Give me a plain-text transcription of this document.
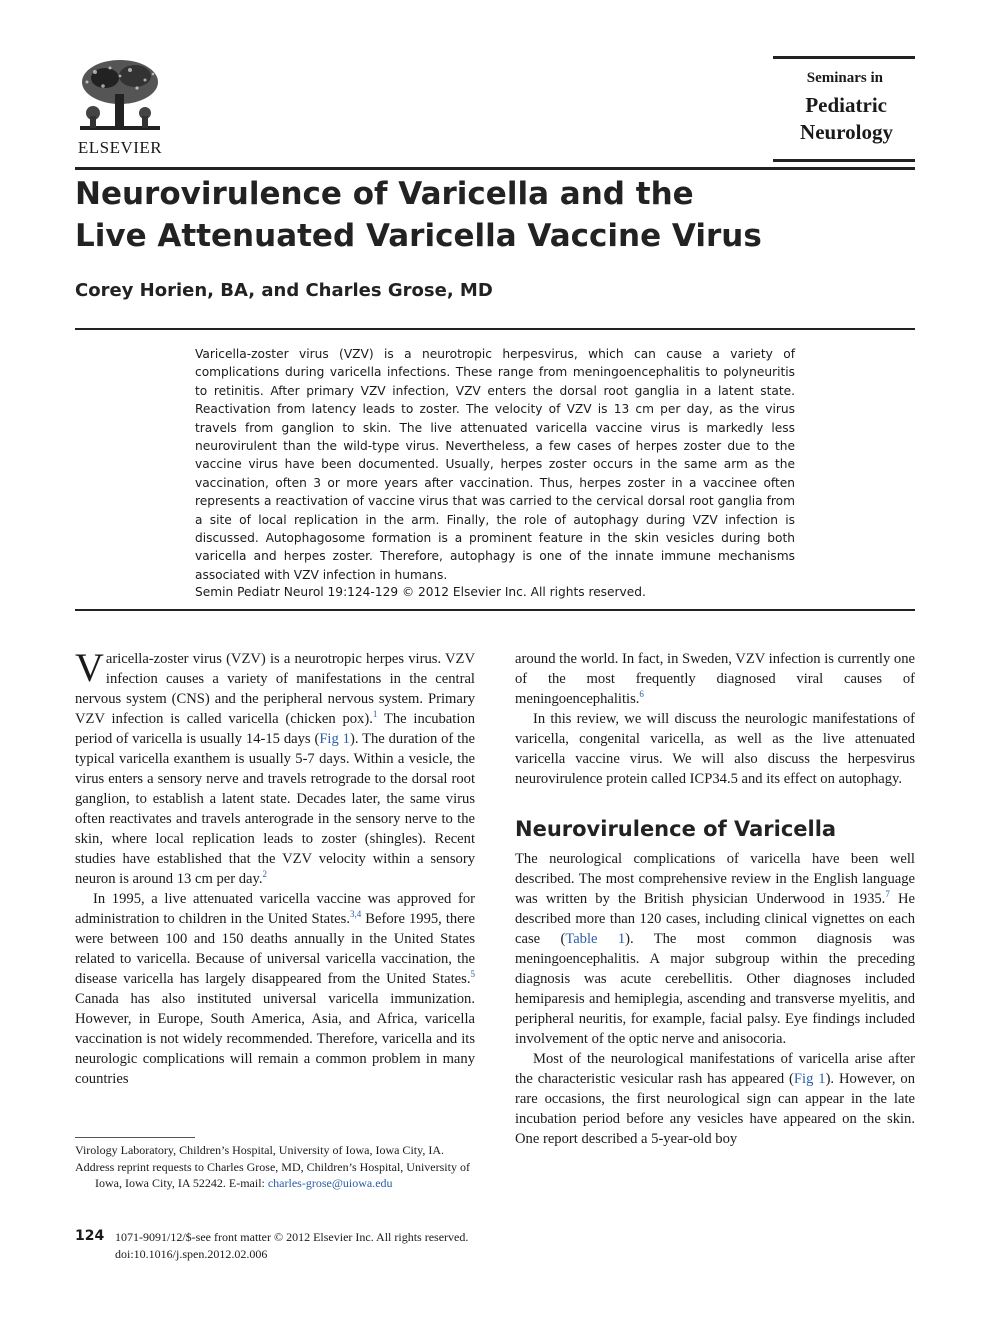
ELSEVIER
Seminars in
Pediatric
Neurology
Neurovirulence of Varicella and the
Live Attenuated Varicella Vaccine Virus
Corey Horien, BA, and Charles Grose, MD
Varicella-zoster virus (VZV) is a neurotropic herpesvirus, which can cause a variety of complications during varicella infections. These range from meningoencephalitis to polyneuritis to retinitis. After primary VZV infection, VZV enters the dorsal root ganglia in a latent state. Reactivation from latency leads to zoster. The velocity of VZV is 13 cm per day, as the virus travels from ganglion to skin. The live attenuated varicella vaccine virus is markedly less neurovirulent than the wild-type virus. Nevertheless, a few cases of herpes zoster due to the vaccine virus have been documented. Usually, herpes zoster occurs in the same arm as the vaccination, often 3 or more years after vaccination. Thus, herpes zoster in a vaccinee often represents a reactivation of vaccine virus that was carried to the cervical dorsal root ganglia from a site of local replication in the arm. Finally, the role of autophagy during VZV infection is discussed. Autophagosome formation is a prominent feature in the skin vesicles during both varicella and herpes zoster. Therefore, autophagy is one of the innate immune mechanisms associated with VZV infection in humans.
Semin Pediatr Neurol 19:124-129 © 2012 Elsevier Inc. All rights reserved.

Varicella-zoster virus (VZV) is a neurotropic herpes virus. VZV infection causes a variety of manifestations in the central nervous system (CNS) and the peripheral nervous system. Primary VZV infection is called varicella (chicken pox).$^1$ The incubation period of varicella is usually 14-15 days (Fig 1). The duration of the typical varicella exanthem is usually 5-7 days. Within a vesicle, the virus enters a sensory nerve and travels retrograde to the dorsal root ganglion, to establish a latent state. Decades later, the same virus often reactivates and travels anterograde in the sensory nerve to the skin, where local replication leads to zoster (shingles). Recent studies have established that the VZV velocity within a sensory neuron is around 13 cm per day.$^2$

In 1995, a live attenuated varicella vaccine was approved for administration to children in the United States.$^{3,4}$ Before 1995, there were between 100 and 150 deaths annually in the United States related to varicella. Because of universal varicella vaccination, the disease varicella has largely disappeared from the United States.$^5$ Canada has also instituted universal varicella immunization. However, in Europe, South America, Asia, and Africa, varicella vaccination is not widely recommended. Therefore, varicella and its neurologic complications will remain a common problem in many countries

around the world. In fact, in Sweden, VZV infection is currently one of the most frequently diagnosed viral causes of meningoencephalitis.$^6$

In this review, we will discuss the neurologic manifestations of varicella, congenital varicella, as well as the live attenuated varicella vaccine virus. We will also discuss the herpesvirus neurovirulence protein called ICP34.5 and its effect on autophagy.

Neurovirulence of Varicella

The neurological complications of varicella have been well described. The most comprehensive review in the English language was written by the British physician Underwood in 1935.$^7$ He described more than 120 cases, including clinical vignettes on each case (Table 1). The most common diagnosis was meningoencephalitis. A major subgroup within the preceding diagnosis was acute cerebellitis. Other diagnoses included hemiparesis and hemiplegia, ascending and transverse myelitis, and peripheral neuritis, for example, facial palsy. Eye findings included involvement of the optic nerve and anisocoria.

Most of the neurological manifestations of varicella arise after the characteristic vesicular rash has appeared (Fig 1). However, on rare occasions, the first neurological sign can appear in the late incubation period before any vesicles have appeared on the skin. One report described a 5-year-old boy

Virology Laboratory, Children’s Hospital, University of Iowa, Iowa City, IA.
Address reprint requests to Charles Grose, MD, Children’s Hospital, University of Iowa, Iowa City, IA 52242. E-mail: charles-grose@uiowa.edu
124 1071-9091/12/$-see front matter © 2012 Elsevier Inc. All rights reserved.
doi:10.1016/j.spen.2012.02.006
